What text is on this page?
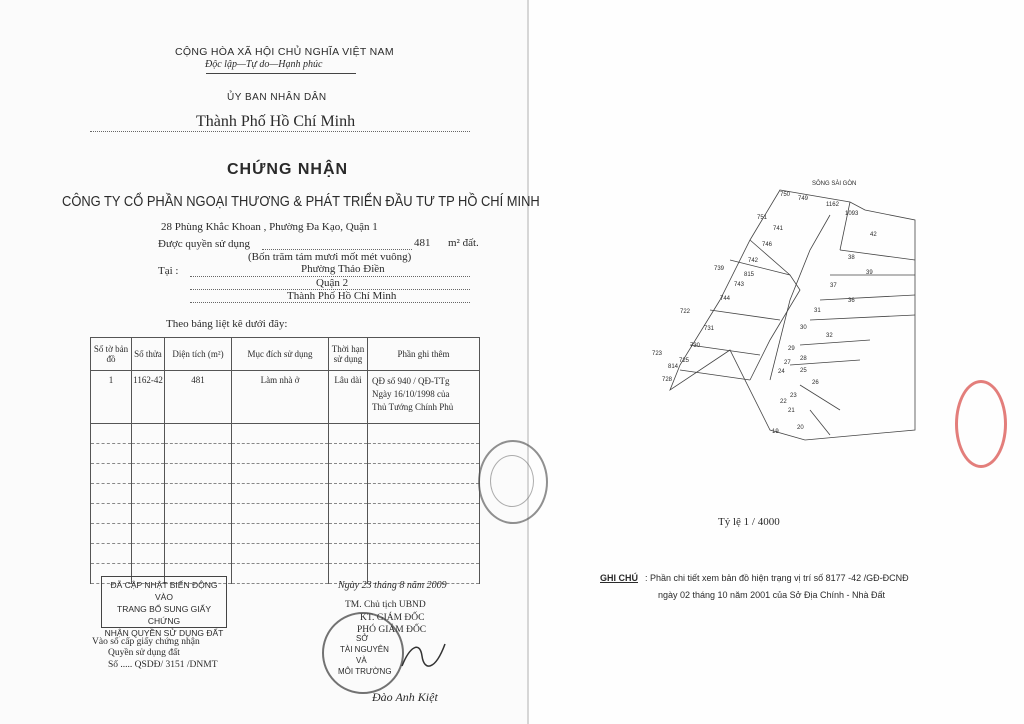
CỘNG HÒA XÃ HỘI CHỦ NGHĨA VIỆT NAM
Độc lập—Tự do—Hạnh phúc
ỦY BAN NHÂN DÂN
Thành Phố Hồ Chí Minh
CHỨNG NHẬN
CÔNG TY CỔ PHẦN NGOẠI THƯƠNG & PHÁT TRIỂN ĐẦU TƯ TP HỒ CHÍ MINH
28 Phùng Khắc Khoan , Phường Đa Kạo, Quận 1
Được quyền sử dụng	481 m² đất.
(Bốn trăm tám mươi mốt mét vuông)
Tại :	Phường Thảo Điền
Quận 2
Thành Phố Hồ Chí Minh
Theo bảng liệt kê dưới đây:
Số tờ bản đồ	Số thửa	Diện tích (m²)	Mục đích sử dụng	Thời hạn sử dụng	Phần ghi thêm
1	1162-42	481	Làm nhà ở	Lâu dài	QĐ số 940 / QĐ-TTg
Ngày 16/10/1998 của
Thủ Tướng Chính Phủ

ĐÃ CẬP NHẬT BIẾN ĐỘNG VÀO
TRANG BỔ SUNG GIẤY CHỨNG
NHẬN QUYỀN SỬ DỤNG ĐẤT
Vào sổ cấp giấy chứng nhận
Quyền sử dụng đất
Số ..... QSDĐ/ 3151 /DNMT
Ngày 23 tháng 8 năm 2009
TM. Chủ tịch UBND
KT. GIÁM ĐỐC
PHÓ GIÁM ĐỐC
SỞ
TÀI NGUYÊN
VÀ
MÔI TRƯỜNG
Đào Anh Kiệt
SÔNG SÀI GÒN
750
749
1162
1093
42
751
741
746
742	38
739
815	39
743	37
744	36
31
722
731	30
32
730	29
28
27
723
725
814
24	25
26
728
23
22
21
19
20
Tỷ lệ 1 / 4000
GHI CHÚ : Phần chi tiết xem bản đồ hiện trạng vị trí số 8177 -42 /GĐ-ĐCNĐ
ngày 02 tháng 10 năm 2001 của Sở Địa Chính - Nhà Đất
